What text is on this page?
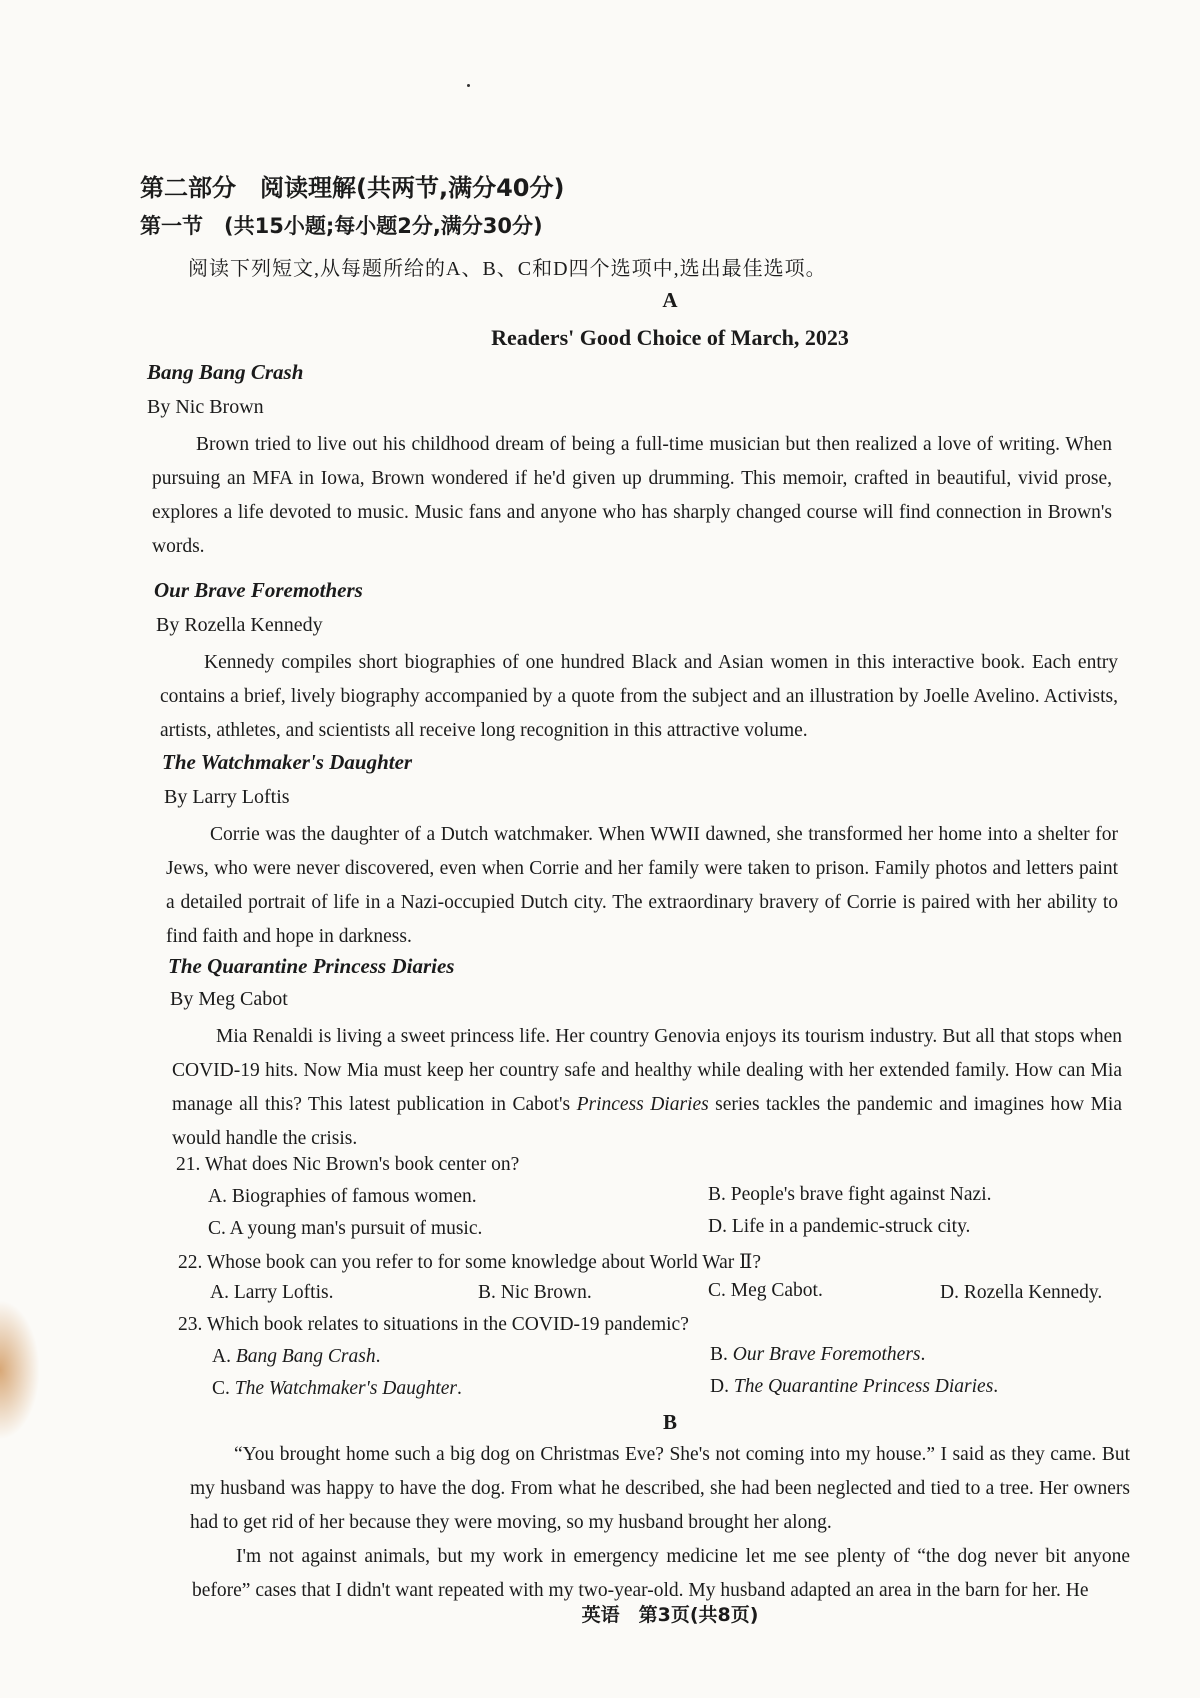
第二部分　阅读理解(共两节,满分40分)
第一节　(共15小题;每小题2分,满分30分)
阅读下列短文,从每题所给的A、B、C和D四个选项中,选出最佳选项。
A
Readers' Good Choice of March, 2023
Bang Bang Crash
By Nic Brown
Brown tried to live out his childhood dream of being a full-time musician but then realized a love of writing. When pursuing an MFA in Iowa, Brown wondered if he'd given up drumming. This memoir, crafted in beautiful, vivid prose, explores a life devoted to music. Music fans and anyone who has sharply changed course will find connection in Brown's words.
Our Brave Foremothers
By Rozella Kennedy
Kennedy compiles short biographies of one hundred Black and Asian women in this interactive book. Each entry contains a brief, lively biography accompanied by a quote from the subject and an illustration by Joelle Avelino. Activists, artists, athletes, and scientists all receive long recognition in this attractive volume.
The Watchmaker's Daughter
By Larry Loftis
Corrie was the daughter of a Dutch watchmaker. When WWII dawned, she transformed her home into a shelter for Jews, who were never discovered, even when Corrie and her family were taken to prison. Family photos and letters paint a detailed portrait of life in a Nazi-occupied Dutch city. The extraordinary bravery of Corrie is paired with her ability to find faith and hope in darkness.
The Quarantine Princess Diaries
By Meg Cabot
Mia Renaldi is living a sweet princess life. Her country Genovia enjoys its tourism industry. But all that stops when COVID-19 hits. Now Mia must keep her country safe and healthy while dealing with her extended family. How can Mia manage all this? This latest publication in Cabot's Princess Diaries series tackles the pandemic and imagines how Mia would handle the crisis.
21. What does Nic Brown's book center on?
A. Biographies of famous women.	B. People's brave fight against Nazi.
C. A young man's pursuit of music.	D. Life in a pandemic-struck city.
22. Whose book can you refer to for some knowledge about World War Ⅱ?
A. Larry Loftis.	B. Nic Brown.	C. Meg Cabot.	D. Rozella Kennedy.
23. Which book relates to situations in the COVID-19 pandemic?
A. Bang Bang Crash.	B. Our Brave Foremothers.
C. The Watchmaker's Daughter.	D. The Quarantine Princess Diaries.
B
“You brought home such a big dog on Christmas Eve? She's not coming into my house.” I said as they came. But my husband was happy to have the dog. From what he described, she had been neglected and tied to a tree. Her owners had to get rid of her because they were moving, so my husband brought her along.
I'm not against animals, but my work in emergency medicine let me see plenty of “the dog never bit anyone before” cases that I didn't want repeated with my two-year-old. My husband adapted an area in the barn for her. He
英语　第3页(共8页)
